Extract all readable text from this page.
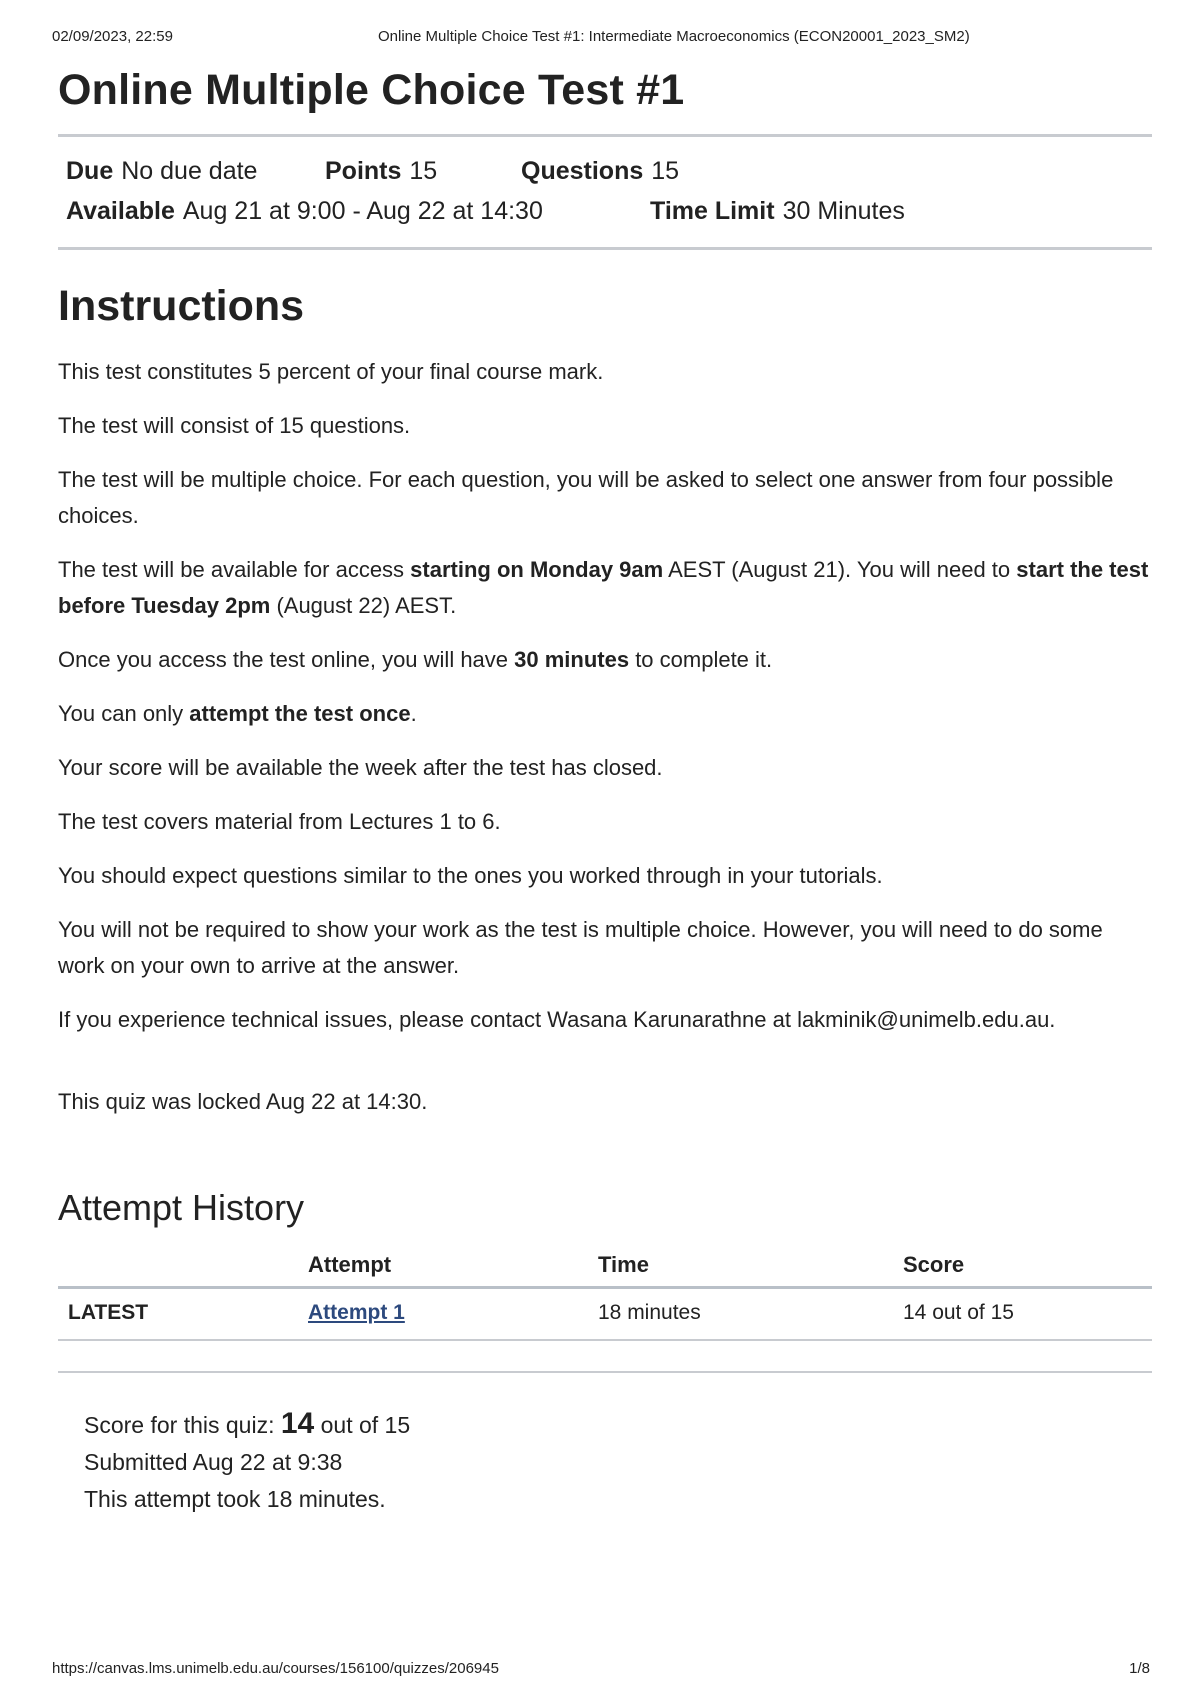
02/09/2023, 22:59	Online Multiple Choice Test #1: Intermediate Macroeconomics (ECON20001_2023_SM2)
Online Multiple Choice Test #1
Due No due date	Points 15	Questions 15
Available Aug 21 at 9:00 - Aug 22 at 14:30	Time Limit 30 Minutes
Instructions

This test constitutes 5 percent of your final course mark.

The test will consist of 15 questions.

The test will be multiple choice. For each question, you will be asked to select one answer from four possible choices.

The test will be available for access starting on Monday 9am AEST (August 21). You will need to start the test before Tuesday 2pm (August 22) AEST.

Once you access the test online, you will have 30 minutes to complete it.

You can only attempt the test once.

Your score will be available the week after the test has closed.

The test covers material from Lectures 1 to 6.

You should expect questions similar to the ones you worked through in your tutorials.

You will not be required to show your work as the test is multiple choice. However, you will need to do some work on your own to arrive at the answer.

If you experience technical issues, please contact Wasana Karunarathne at lakminik@unimelb.edu.au.

This quiz was locked Aug 22 at 14:30.
Attempt History
	Attempt	Time	Score
LATEST	Attempt 1	18 minutes	14 out of 15
Score for this quiz: 14 out of 15
Submitted Aug 22 at 9:38
This attempt took 18 minutes.
https://canvas.lms.unimelb.edu.au/courses/156100/quizzes/206945	1/8
